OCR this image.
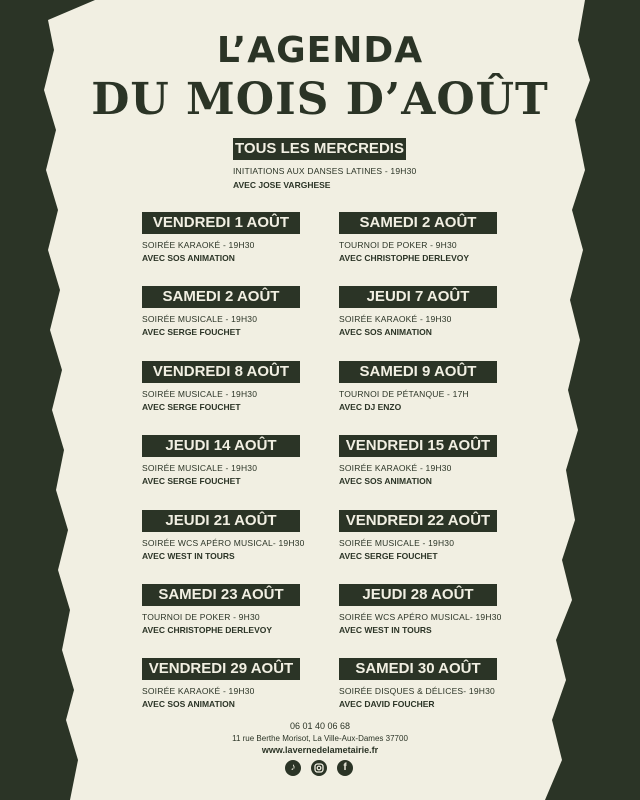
L’AGENDA
DU MOIS D’AOÛT
TOUS LES MERCREDIS
INITIATIONS AUX DANSES LATINES - 19H30
AVEC JOSE VARGHESE
VENDREDI 1 AOÛT
SOIRÉE KARAOKÉ - 19H30
AVEC SOS ANIMATION
SAMEDI 2 AOÛT
TOURNOI DE POKER - 9H30
AVEC CHRISTOPHE DERLEVOY
SAMEDI 2 AOÛT
SOIRÉE MUSICALE - 19H30
AVEC SERGE FOUCHET
JEUDI 7 AOÛT
SOIRÉE KARAOKÉ - 19H30
AVEC SOS ANIMATION
VENDREDI 8 AOÛT
SOIRÉE MUSICALE - 19H30
AVEC SERGE FOUCHET
SAMEDI 9 AOÛT
TOURNOI DE PÉTANQUE - 17H
AVEC DJ ENZO
JEUDI 14 AOÛT
SOIRÉE MUSICALE - 19H30
AVEC SERGE FOUCHET
VENDREDI 15 AOÛT
SOIRÉE KARAOKÉ - 19H30
AVEC SOS ANIMATION
JEUDI 21 AOÛT
SOIRÉE WCS APÉRO MUSICAL- 19H30
AVEC WEST IN TOURS
VENDREDI 22 AOÛT
SOIRÉE MUSICALE - 19H30
AVEC SERGE FOUCHET
SAMEDI 23 AOÛT
TOURNOI DE POKER - 9H30
AVEC CHRISTOPHE DERLEVOY
JEUDI 28 AOÛT
SOIRÉE WCS APÉRO MUSICAL- 19H30
AVEC WEST IN TOURS
VENDREDI 29 AOÛT
SOIRÉE KARAOKÉ - 19H30
AVEC SOS ANIMATION
SAMEDI 30 AOÛT
SOIRÉE DISQUES & DÉLICES- 19H30
AVEC DAVID FOUCHER
06 01 40 06 68
11 rue Berthe Morisot, La Ville-Aux-Dames 37700
www.lavernedelametairie.fr
♪	f
